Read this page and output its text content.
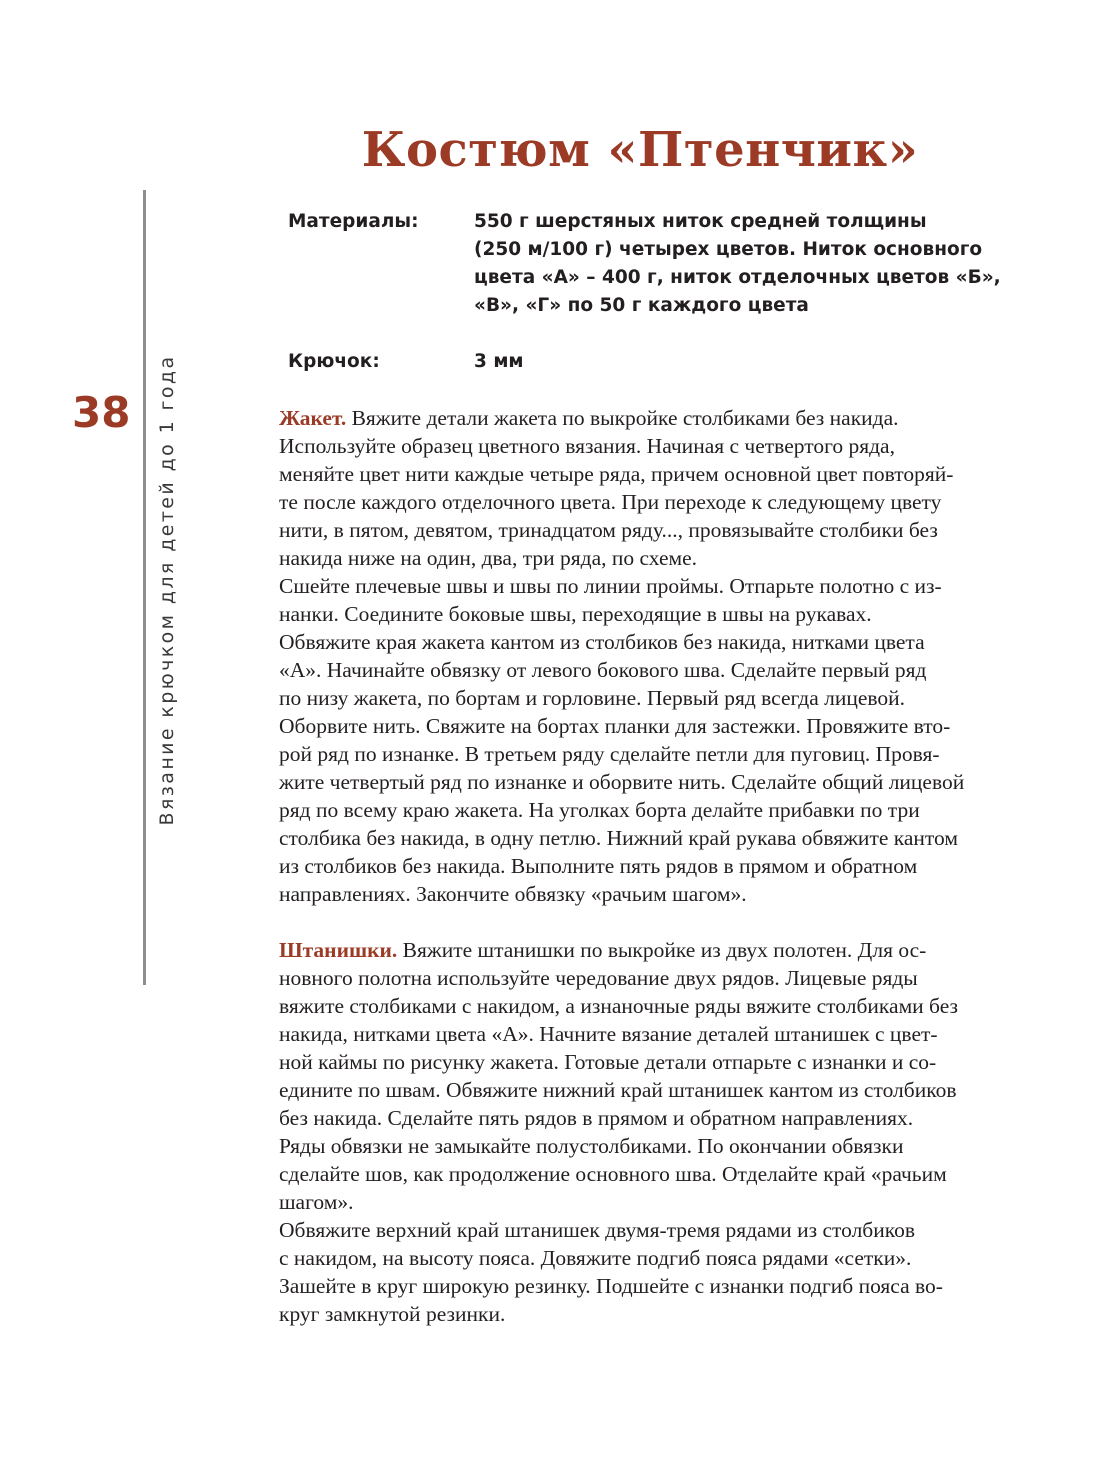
Костюм «Птенчик»
38 Вязание крючком для детей до 1 года
Материалы:	550 г шерстяных ниток средней толщины
(250 м/100 г) четырех цветов. Ниток основного
цвета «А» – 400 г, ниток отделочных цветов «Б»,
«В», «Г» по 50 г каждого цвета
Крючок:	3 мм
Жакет. Вяжите детали жакета по выкройке столбиками без накида.
Используйте образец цветного вязания. Начиная с четвертого ряда,
меняйте цвет нити каждые четыре ряда, причем основной цвет повторяй-
те после каждого отделочного цвета. При переходе к следующему цвету
нити, в пятом, девятом, тринадцатом ряду..., провязывайте столбики без
накида ниже на один, два, три ряда, по схеме.
Сшейте плечевые швы и швы по линии проймы. Отпарьте полотно с из-
нанки. Соедините боковые швы, переходящие в швы на рукавах.
Обвяжите края жакета кантом из столбиков без накида, нитками цвета
«А». Начинайте обвязку от левого бокового шва. Сделайте первый ряд
по низу жакета, по бортам и горловине. Первый ряд всегда лицевой.
Оборвите нить. Свяжите на бортах планки для застежки. Провяжите вто-
рой ряд по изнанке. В третьем ряду сделайте петли для пуговиц. Провя-
жите четвертый ряд по изнанке и оборвите нить. Сделайте общий лицевой
ряд по всему краю жакета. На уголках борта делайте прибавки по три
столбика без накида, в одну петлю. Нижний край рукава обвяжите кантом
из столбиков без накида. Выполните пять рядов в прямом и обратном
направлениях. Закончите обвязку «рачьим шагом».
Штанишки. Вяжите штанишки по выкройке из двух полотен. Для ос-
новного полотна используйте чередование двух рядов. Лицевые ряды
вяжите столбиками с накидом, а изнаночные ряды вяжите столбиками без
накида, нитками цвета «А». Начните вязание деталей штанишек с цвет-
ной каймы по рисунку жакета. Готовые детали отпарьте с изнанки и со-
едините по швам. Обвяжите нижний край штанишек кантом из столбиков
без накида. Сделайте пять рядов в прямом и обратном направлениях.
Ряды обвязки не замыкайте полустолбиками. По окончании обвязки
сделайте шов, как продолжение основного шва. Отделайте край «рачьим
шагом».
Обвяжите верхний край штанишек двумя-тремя рядами из столбиков
с накидом, на высоту пояса. Довяжите подгиб пояса рядами «сетки».
Зашейте в круг широкую резинку. Подшейте с изнанки подгиб пояса во-
круг замкнутой резинки.
